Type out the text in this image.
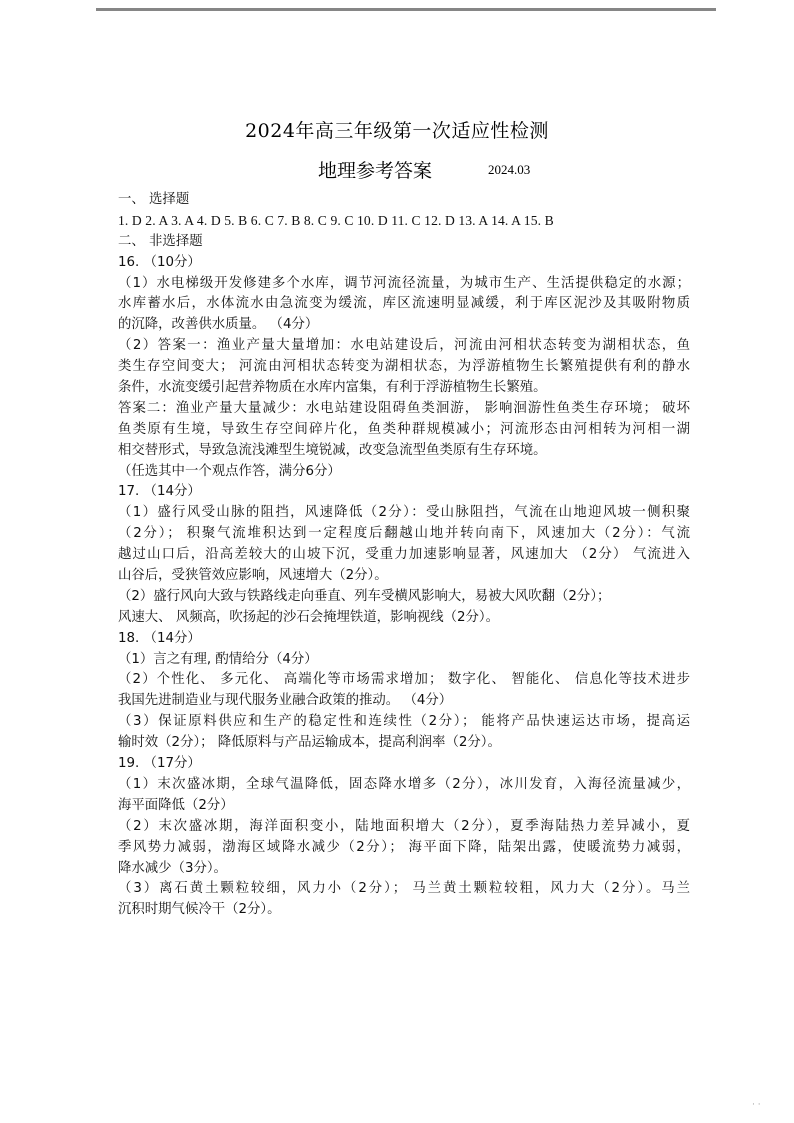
2024年高三年级第一次适应性检测
地理参考答案	2024.03
一、 选择题
1. D 2. A 3. A 4. D 5. B 6. C 7. B 8. C 9. C 10. D 11. C 12. D 13. A 14. A 15. B
二、 非选择题
16. （10分）
（1）水电梯级开发修建多个水库，调节河流径流量，为城市生产、生活提供稳定的水源；
水库蓄水后，水体流水由急流变为缓流，库区流速明显减缓，利于库区泥沙及其吸附物质
的沉降，改善供水质量。 （4分）
（2）答案一：渔业产量大量增加：水电站建设后，河流由河相状态转变为湖相状态，鱼
类生存空间变大； 河流由河相状态转变为湖相状态，为浮游植物生长繁殖提供有利的静水
条件，水流变缓引起营养物质在水库内富集，有利于浮游植物生长繁殖。
答案二：渔业产量大量减少：水电站建设阻碍鱼类洄游， 影响洄游性鱼类生存环境； 破坏
鱼类原有生境，导致生存空间碎片化，鱼类种群规模减小；河流形态由河相转为河相一湖
相交替形式，导致急流浅滩型生境锐减，改变急流型鱼类原有生存环境。
（任选其中一个观点作答，满分6分）
17. （14分）
（1）盛行风受山脉的阻挡，风速降低（2分）：受山脉阻挡，气流在山地迎风坡一侧积聚
（2分）； 积聚气流堆积达到一定程度后翻越山地并转向南下，风速加大（2分）：气流
越过山口后，沿高差较大的山坡下沉，受重力加速影响显著，风速加大 （2分） 气流进入
山谷后，受狭管效应影响，风速增大（2分）。
（2）盛行风向大致与铁路线走向垂直、列车受横风影响大，易被大风吹翻（2分）；
风速大、 风频高，吹扬起的沙石会掩埋铁道，影响视线（2分）。
18. （14分）
（1）言之有理, 酌情给分（4分）
（2）个性化、 多元化、 高端化等市场需求增加； 数字化、 智能化、 信息化等技术进步
我国先进制造业与现代服务业融合政策的推动。 （4分）
（3）保证原料供应和生产的稳定性和连续性（2分）； 能将产品快速运达市场，提高运
输时效（2分）； 降低原料与产品运输成本，提高利润率（2分）。
19. （17分）
（1）末次盛冰期，全球气温降低，固态降水增多（2分），冰川发育，入海径流量减少，
海平面降低（2分）
（2）末次盛冰期，海洋面积变小，陆地面积增大（2分），夏季海陆热力差异减小，夏
季风势力减弱，渤海区域降水减少（2分）； 海平面下降，陆架出露，使暖流势力减弱，
降水减少（3分）。
（3）离石黄土颗粒较细，风力小（2分）； 马兰黄土颗粒较粗，风力大（2分）。马兰
沉积时期气候冷干（2分）。
· ·
